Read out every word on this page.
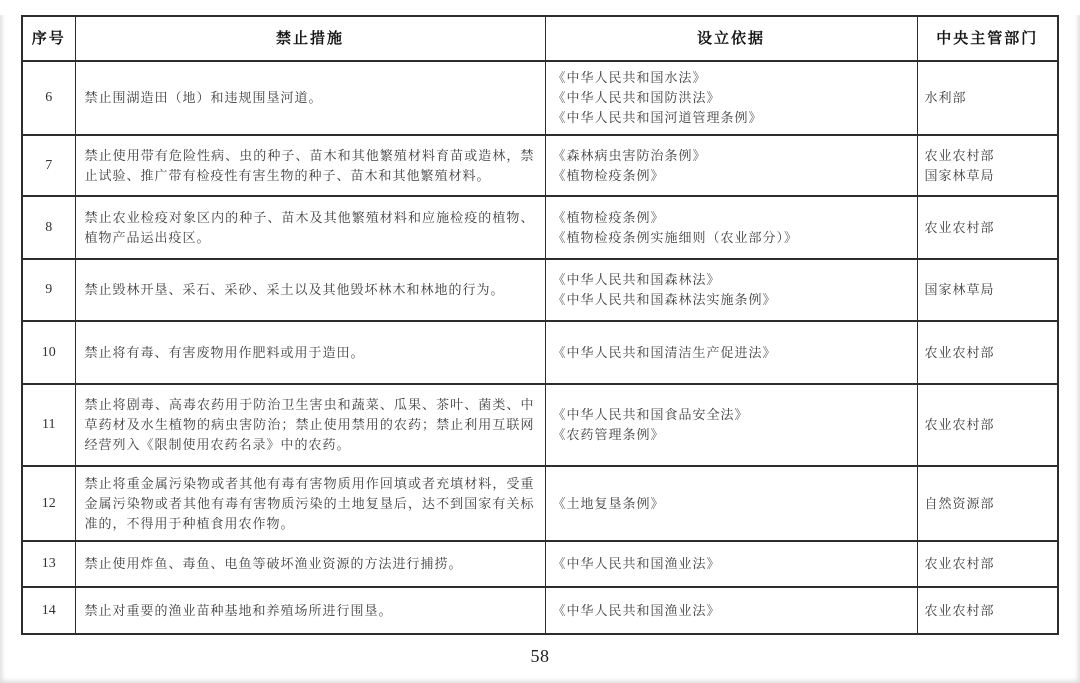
序号	禁止措施	设立依据	中央主管部门
6	禁止围湖造田（地）和违规围垦河道。	《中华人民共和国水法》
《中华人民共和国防洪法》
《中华人民共和国河道管理条例》	水利部

7	禁止使用带有危险性病、虫的种子、苗木和其他繁殖材料育苗或造林，禁止试验、推广带有检疫性有害生物的种子、苗木和其他繁殖材料。	《森林病虫害防治条例》
《植物检疫条例》	农业农村部
国家林草局

8	禁止农业检疫对象区内的种子、苗木及其他繁殖材料和应施检疫的植物、植物产品运出疫区。	《植物检疫条例》
《植物检疫条例实施细则（农业部分）》	农业农村部

9	禁止毁林开垦、采石、采砂、采土以及其他毁坏林木和林地的行为。	《中华人民共和国森林法》
《中华人民共和国森林法实施条例》	国家林草局

10	禁止将有毒、有害废物用作肥料或用于造田。	《中华人民共和国清洁生产促进法》	农业农村部

11	禁止将剧毒、高毒农药用于防治卫生害虫和蔬菜、瓜果、茶叶、菌类、中草药材及水生植物的病虫害防治；禁止使用禁用的农药；禁止利用互联网经营列入《限制使用农药名录》中的农药。	《中华人民共和国食品安全法》
《农药管理条例》	农业农村部

12	禁止将重金属污染物或者其他有毒有害物质用作回填或者充填材料，受重金属污染物或者其他有毒有害物质污染的土地复垦后，达不到国家有关标准的，不得用于种植食用农作物。	《土地复垦条例》	自然资源部

13	禁止使用炸鱼、毒鱼、电鱼等破坏渔业资源的方法进行捕捞。	《中华人民共和国渔业法》	农业农村部

14	禁止对重要的渔业苗种基地和养殖场所进行围垦。	《中华人民共和国渔业法》	农业农村部
58
